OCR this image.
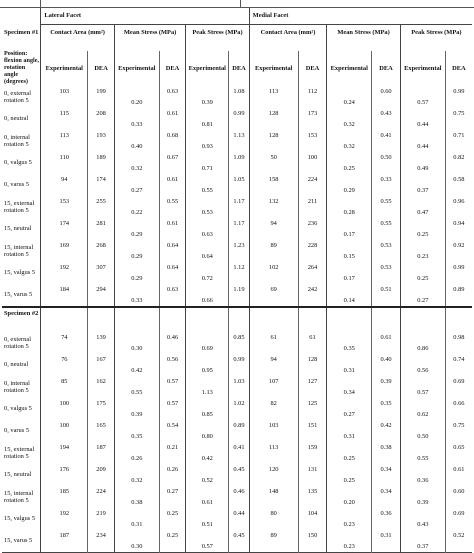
	Lateral Facet						Medial Facet					
Specimen #1	Contact Area (mm²)		Mean Stress (MPa)		Peak Stress (MPa)		Contact Area (mm²)		Mean Stress (MPa)		Peak Stress (MPa)	
Position: flexion angle, rotation angle (degrees)	Experimental	DEA	Experimental	DEA	Experimental	DEA	Experimental	DEA	Experimental	DEA	Experimental	DEA
0, external rotation 5	103	199	0.20	0.63	0.39	1.08	113	112	0.24	0.60	0.57	0.99
0, neutral	115	208	0.33	0.61	0.81	0.99	128	173	0.32	0.43	0.44	0.75
0, internal rotation 5	113	193	0.40	0.68	0.93	1.13	128	153	0.32	0.41	0.44	0.71
0, valgus 5	110	189	0.32	0.67	0.71	1.09	50	100	0.25	0.50	0.49	0.82
0, varus 5	94	174	0.27	0.61	0.55	1.05	158	224	0.29	0.33	0.37	0.58
15, external rotation 5	153	255	0.22	0.55	0.53	1.17	132	211	0.28	0.55	0.47	0.96
15, neutral	174	281	0.29	0.61	0.63	1.17	94	236	0.17	0.55	0.25	0.94
15, internal rotation 5	169	268	0.29	0.64	0.64	1.23	89	228	0.15	0.53	0.23	0.92
15, valgus 5	192	307	0.29	0.64	0.72	1.12	102	264	0.17	0.53	0.25	0.99
15, varus 5	184	294	0.33	0.63	0.66	1.19	69	242	0.14	0.51	0.27	0.89
Specimen #2												
0, external rotation 5	74	139	0.30	0.46	0.69	0.85	61	61	0.35	0.61	0.86	0.98
0, neutral	76	167	0.42	0.56	0.95	0.99	94	128	0.31	0.40	0.56	0.74
0, internal rotation 5	85	162	0.55	0.57	1.13	1.03	107	127	0.34	0.39	0.57	0.69
0, valgus 5	100	175	0.39	0.57	0.85	1.02	82	125	0.27	0.35	0.62	0.66
0, varus 5	100	165	0.35	0.54	0.80	0.89	103	151	0.31	0.42	0.50	0.75
15, external rotation 5	194	187	0.26	0.21	0.42	0.41	113	159	0.25	0.38	0.55	0.65
15, neutral	176	209	0.32	0.26	0.52	0.45	120	131	0.25	0.34	0.36	0.61
15, internal rotation 5	185	224	0.38	0.27	0.61	0.46	148	135	0.20	0.34	0.39	0.60
15, valgus 5	192	219	0.31	0.25	0.51	0.44	80	104	0.23	0.36	0.43	0.69
15, varus 5	187	234	0.30	0.25	0.57	0.45	89	150	0.23	0.31	0.37	0.52
